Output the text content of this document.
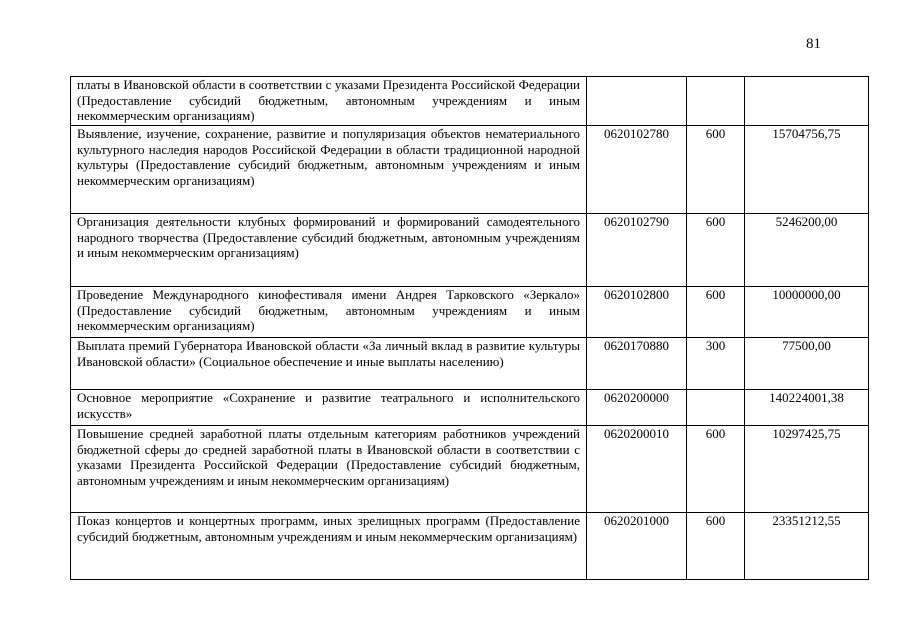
81
платы в Ивановской области в соответствии с указами Президента Российской Федерации (Предоставление субсидий бюджетным, автономным учреждениям и иным некоммерческим организациям)			
Выявление, изучение, сохранение, развитие и популяризация объектов нематериального культурного наследия народов Российской Федерации в области традиционной народной культуры (Предоставление субсидий бюджетным, автономным учреждениям и иным некоммерческим организациям)	0620102780	600	15704756,75
Организация деятельности клубных формирований и формирований самодеятельного народного творчества (Предоставление субсидий бюджетным, автономным учреждениям и иным некоммерческим организациям)	0620102790	600	5246200,00
Проведение Международного кинофестиваля имени Андрея Тарковского «Зеркало» (Предоставление субсидий бюджетным, автономным учреждениям и иным некоммерческим организациям)	0620102800	600	10000000,00
Выплата премий Губернатора Ивановской области «За личный вклад в развитие культуры Ивановской области» (Социальное обеспечение и иные выплаты населению)	0620170880	300	77500,00
Основное мероприятие «Сохранение и развитие театрального и исполнительского искусств»	0620200000		140224001,38
Повышение средней заработной платы отдельным категориям работников учреждений бюджетной сферы до средней заработной платы в Ивановской области в соответствии с указами Президента Российской Федерации (Предоставление субсидий бюджетным, автономным учреждениям и иным некоммерческим организациям)	0620200010	600	10297425,75
Показ концертов и концертных программ, иных зрелищных программ (Предоставление субсидий бюджетным, автономным учреждениям и иным некоммерческим организациям)	0620201000	600	23351212,55
